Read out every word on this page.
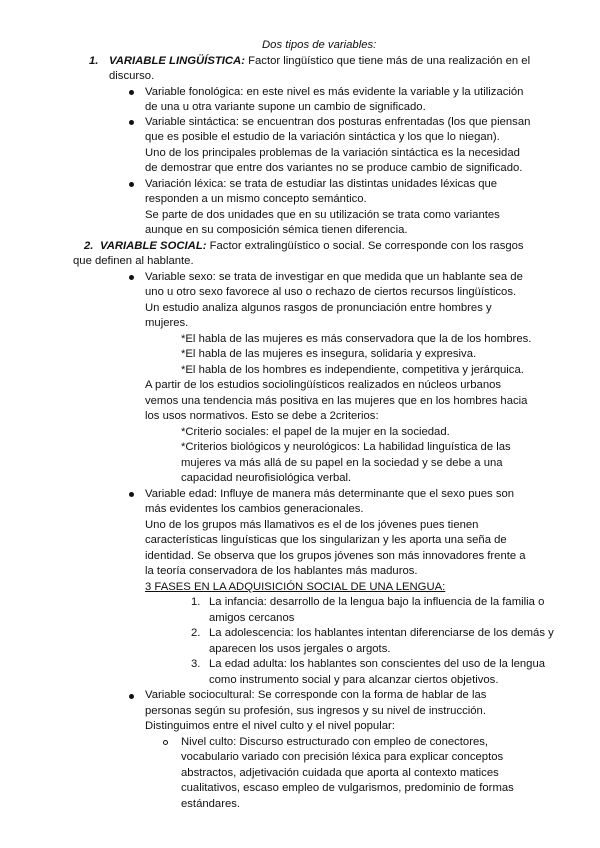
Dos tipos de variables:
1. VARIABLE LINGÜÍSTICA: Factor lingüístico que tiene más de una realización en el
discurso.
Variable fonológica: en este nivel es más evidente la variable y la utilización
de una u otra variante supone un cambio de significado.
Variable sintáctica: se encuentran dos posturas enfrentadas (los que piensan
que es posible el estudio de la variación sintáctica y los que lo niegan).
Uno de los principales problemas de la variación sintáctica es la necesidad
de demostrar que entre dos variantes no se produce cambio de significado.
Variación léxica: se trata de estudiar las distintas unidades léxicas que
responden a un mismo concepto semántico.
Se parte de dos unidades que en su utilización se trata como variantes
aunque en su composición sémica tienen diferencia.
2. VARIABLE SOCIAL: Factor extralingüístico o social. Se corresponde con los rasgos
que definen al hablante.
Variable sexo: se trata de investigar en que medida que un hablante sea de
uno u otro sexo favorece al uso o rechazo de ciertos recursos lingüísticos.
Un estudio analiza algunos rasgos de pronunciación entre hombres y
mujeres.
*El habla de las mujeres es más conservadora que la de los hombres.
*El habla de las mujeres es insegura, solidaria y expresiva.
*El habla de los hombres es independiente, competitiva y jerárquica.
A partir de los estudios sociolingüísticos realizados en núcleos urbanos
vemos una tendencia más positiva en las mujeres que en los hombres hacia
los usos normativos. Esto se debe a 2criterios:
*Criterio sociales: el papel de la mujer en la sociedad.
*Criterios biológicos y neurológicos: La habilidad linguística de las
mujeres va más allá de su papel en la sociedad y se debe a una
capacidad neurofisiológica verbal.
Variable edad: Influye de manera más determinante que el sexo pues son
más evidentes los cambios generacionales.
Uno de los grupos más llamativos es el de los jóvenes pues tienen
características linguísticas que los singularizan y les aporta una seña de
identidad. Se observa que los grupos jóvenes son más innovadores frente a
la teoría conservadora de los hablantes más maduros.
3 FASES EN LA ADQUISICIÓN SOCIAL DE UNA LENGUA:
1. La infancia: desarrollo de la lengua bajo la influencia de la familia o
amigos cercanos
2. La adolescencia: los hablantes intentan diferenciarse de los demás y
aparecen los usos jergales o argots.
3. La edad adulta: los hablantes son conscientes del uso de la lengua
como instrumento social y para alcanzar ciertos objetivos.
Variable sociocultural: Se corresponde con la forma de hablar de las
personas según su profesión, sus ingresos y su nivel de instrucción.
Distinguimos entre el nivel culto y el nivel popular:
Nivel culto: Discurso estructurado con empleo de conectores,
vocabulario variado con precisión léxica para explicar conceptos
abstractos, adjetivación cuidada que aporta al contexto matices
cualitativos, escaso empleo de vulgarismos, predominio de formas
estándares.
